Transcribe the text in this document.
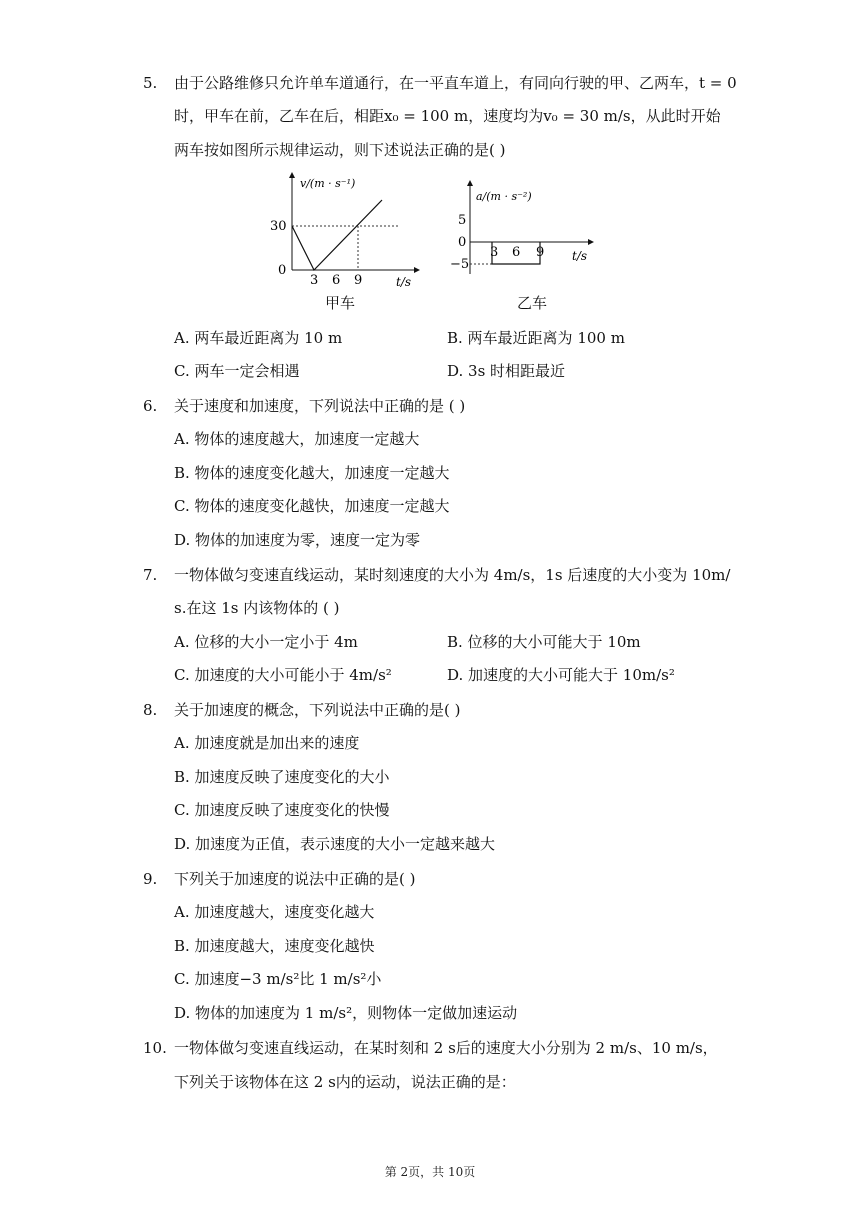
5. 由于公路维修只允许单车道通行，在一平直车道上，有同向行驶的甲、乙两车，t = 0
时，甲车在前，乙车在后，相距x₀ = 100 m，速度均为v₀ = 30 m/s，从此时开始
两车按如图所示规律运动，则下述说法正确的是( )
v/(m · s⁻¹)
30
0
3 6 9	t/s
甲车
a/(m · s⁻²)
5
0
−5
3 6 9 t/s
乙车
A. 两车最近距离为 10 m	B. 两车最近距离为 100 m
C. 两车一定会相遇	D. 3s 时相距最近
6. 关于速度和加速度，下列说法中正确的是 ( )
A. 物体的速度越大，加速度一定越大
B. 物体的速度变化越大，加速度一定越大
C. 物体的速度变化越快，加速度一定越大
D. 物体的加速度为零，速度一定为零
7. 一物体做匀变速直线运动，某时刻速度的大小为 4m/s，1s 后速度的大小变为 10m/
s.在这 1s 内该物体的 ( )
A. 位移的大小一定小于 4m	B. 位移的大小可能大于 10m
C. 加速度的大小可能小于 4m/s²	D. 加速度的大小可能大于 10m/s²
8. 关于加速度的概念，下列说法中正确的是( )
A. 加速度就是加出来的速度
B. 加速度反映了速度变化的大小
C. 加速度反映了速度变化的快慢
D. 加速度为正值，表示速度的大小一定越来越大
9. 下列关于加速度的说法中正确的是( )
A. 加速度越大，速度变化越大
B. 加速度越大，速度变化越快
C. 加速度−3 m/s²比 1 m/s²小
D. 物体的加速度为 1 m/s²，则物体一定做加速运动
10. 一物体做匀变速直线运动，在某时刻和 2 s后的速度大小分别为 2 m/s、10 m/s，
下列关于该物体在这 2 s内的运动，说法正确的是：
第 2页，共 10页
